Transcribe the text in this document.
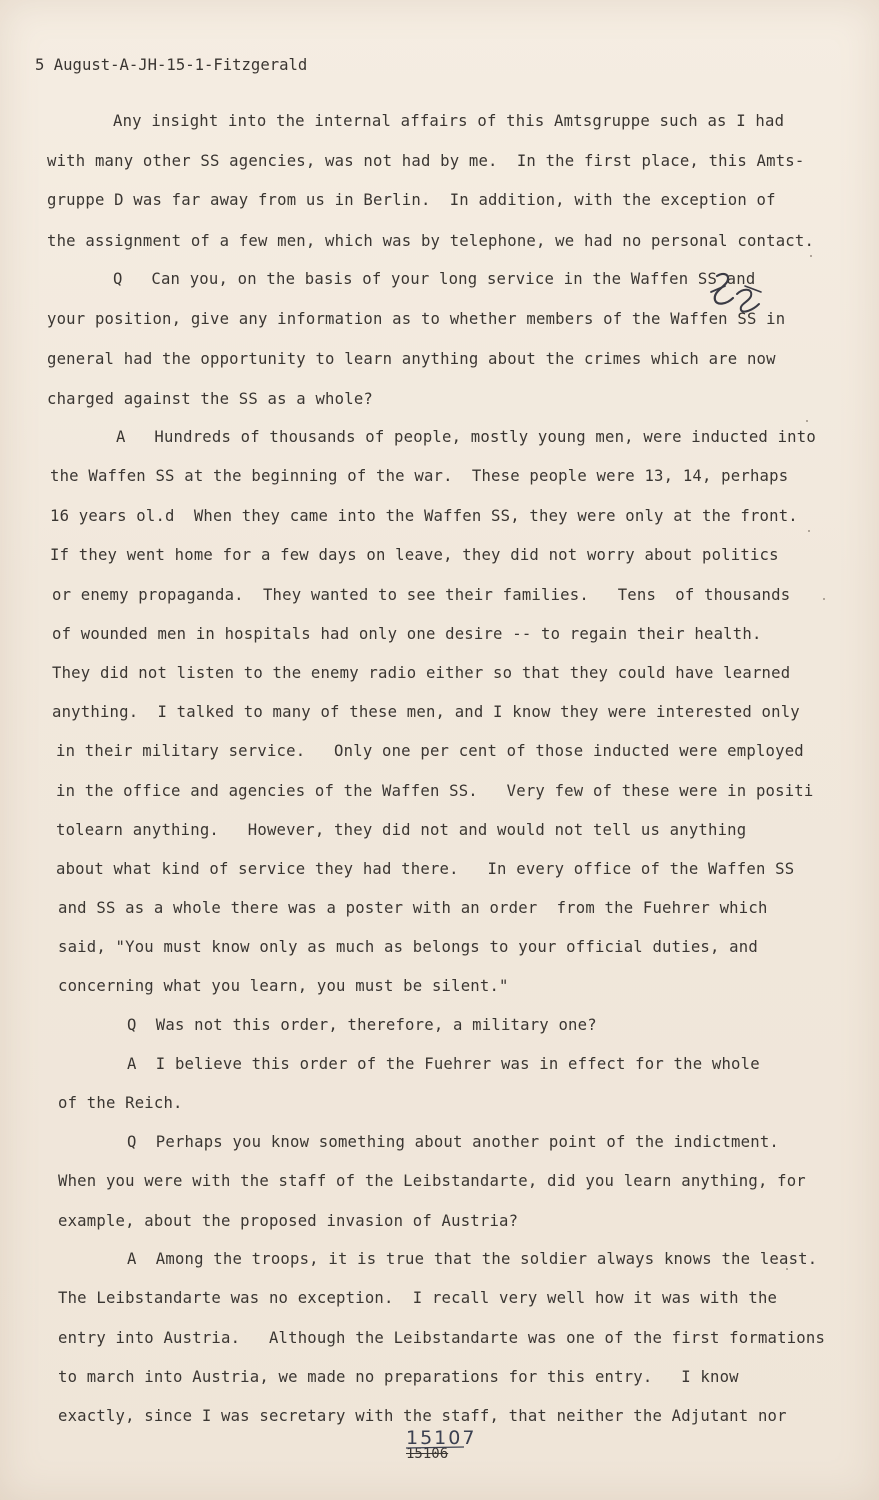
5 August-A-JH-15-1-Fitzgerald
Any insight into the internal affairs of this Amtsgruppe such as I had
with many other SS agencies, was not had by me.  In the first place, this Amts-
gruppe D was far away from us in Berlin.  In addition, with the exception of
the assignment of a few men, which was by telephone, we had no personal contact.
Q   Can you, on the basis of your long service in the Waffen SS and
your position, give any information as to whether members of the Waffen SS in
general had the opportunity to learn anything about the crimes which are now
charged against the SS as a whole?
A   Hundreds of thousands of people, mostly young men, were inducted into
the Waffen SS at the beginning of the war.  These people were 13, 14, perhaps
16 years ol.d  When they came into the Waffen SS, they were only at the front.
If they went home for a few days on leave, they did not worry about politics
or enemy propaganda.  They wanted to see their families.   Tens  of thousands
of wounded men in hospitals had only one desire -- to regain their health.
They did not listen to the enemy radio either so that they could have learned
anything.  I talked to many of these men, and I know they were interested only
in their military service.   Only one per cent of those inducted were employed
in the office and agencies of the Waffen SS.   Very few of these were in positi
tolearn anything.   However, they did not and would not tell us anything
about what kind of service they had there.   In every office of the Waffen SS
and SS as a whole there was a poster with an order  from the Fuehrer which
said, "You must know only as much as belongs to your official duties, and
concerning what you learn, you must be silent."
Q  Was not this order, therefore, a military one?
A  I believe this order of the Fuehrer was in effect for the whole
of the Reich.
Q  Perhaps you know something about another point of the indictment.
When you were with the staff of the Leibstandarte, did you learn anything, for
example, about the proposed invasion of Austria?
A  Among the troops, it is true that the soldier always knows the least.
The Leibstandarte was no exception.  I recall very well how it was with the
entry into Austria.   Although the Leibstandarte was one of the first formations
to march into Austria, we made no preparations for this entry.   I know
exactly, since I was secretary with the staff, that neither the Adjutant nor
15107
15106
